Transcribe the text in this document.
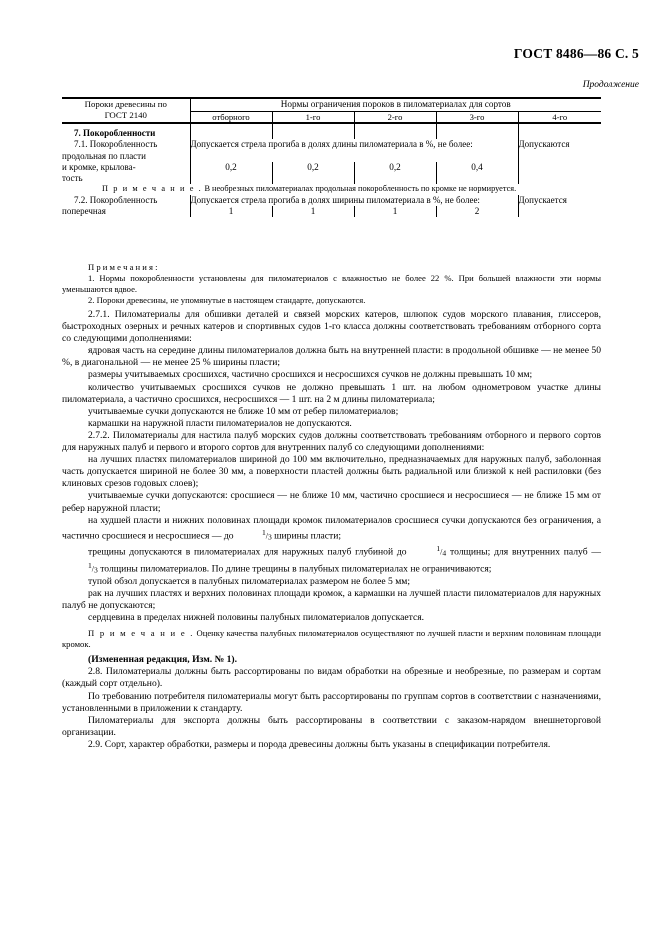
ГОСТ 8486—86 С. 5
Продолжение
Пороки древесины по
ГОСТ 2140	Нормы ограничения пороков в пиломатериалах для сортов				
	отборного	1-го	2-го	3-го	4-го
7. Покоробленности					
7.1. Покоробленность
продольная по пласти
и кромке, крылова-
тость	Допускается стрела прогиба в долях длины пиломатериала в %, не более:				Допускаются
	0,2	0,2	0,2	0,4	
П р и м е ч а н и е . В необрезных пиломатериалах продольная покоробленность по кромке не нормируется.					
7.2. Покоробленность
поперечная	Допускается стрела прогиба в долях ширины пиломатериала в %, не более:				Допускается
	1	1	1	2	

П р и м е ч а н и я :

1. Нормы покоробленности установлены для пиломатериалов с влажностью не более 22 %. При большей влажности эти нормы уменьшаются вдвое.

2. Пороки древесины, не упомянутые в настоящем стандарте, допускаются.

2.7.1. Пиломатериалы для обшивки деталей и связей морских катеров, шлюпок судов морского плавания, глиссеров, быстроходных озерных и речных катеров и спортивных судов 1-го класса должны соответствовать требованиям отборного сорта со следующими дополнениями:

ядровая часть на середине длины пиломатериалов должна быть на внутренней пласти: в продольной обшивке — не менее 50 %, в диагональной — не менее 25 % ширины пласти;

размеры учитываемых сросшихся, частично сросшихся и несросшихся сучков не должны превышать 10 мм;

количество учитываемых сросшихся сучков не должно превышать 1 шт. на любом однометровом участке длины пиломатериала, а частично сросшихся, несросшихся — 1 шт. на 2 м длины пиломатериала;

учитываемые сучки допускаются не ближе 10 мм от ребер пиломатериалов;

кармашки на наружной пласти пиломатериалов не допускаются.

2.7.2. Пиломатериалы для настила палуб морских судов должны соответствовать требованиям отборного и первого сортов для наружных палуб и первого и второго сортов для внутренних палуб со следующими дополнениями:

на лучших пластях пиломатериалов шириной до 100 мм включительно, предназначаемых для наружных палуб, заболонная часть допускается шириной не более 30 мм, а поверхности пластей должны быть радиальной или близкой к ней распиловки (без клиновых срезов годовых слоев);

учитываемые сучки допускаются: сросшиеся — не ближе 10 мм, частично сросшиеся и несросшиеся — не ближе 15 мм от ребер наружной пласти;

на худшей пласти и нижних половинах площади кромок пиломатериалов сросшиеся сучки допускаются без ограничения, а частично сросшиеся и несросшиеся — до	$^1/_3$ ширины пласти;

трещины допускаются в пиломатериалах для наружных палуб глубиной до	$^1/_4$ толщины; для внутренних палуб — $^1/_3$ толщины пиломатериалов. По длине трещины в палубных пиломатериалах не ограничиваются;

тупой обзол допускается в палубных пиломатериалах размером не более 5 мм;

рак на лучших пластях и верхних половинах площади кромок, а кармашки на лучшей пласти пиломатериалов для наружных палуб не допускаются;

сердцевина в пределах нижней половины палубных пиломатериалов допускается.

П р и м е ч а н и е . Оценку качества палубных пиломатериалов осуществляют по лучшей пласти и верхним половинам площади кромок.

(Измененная редакция, Изм. № 1).

2.8. Пиломатериалы должны быть рассортированы по видам обработки на обрезные и необрезные, по размерам и сортам (каждый сорт отдельно).

По требованию потребителя пиломатериалы могут быть рассортированы по группам сортов в соответствии с назначениями, установленными в приложении к стандарту.

Пиломатериалы для экспорта должны быть рассортированы в соответствии с заказом-нарядом внешнеторговой организации.

2.9. Сорт, характер обработки, размеры и порода древесины должны быть указаны в спецификации потребителя.
